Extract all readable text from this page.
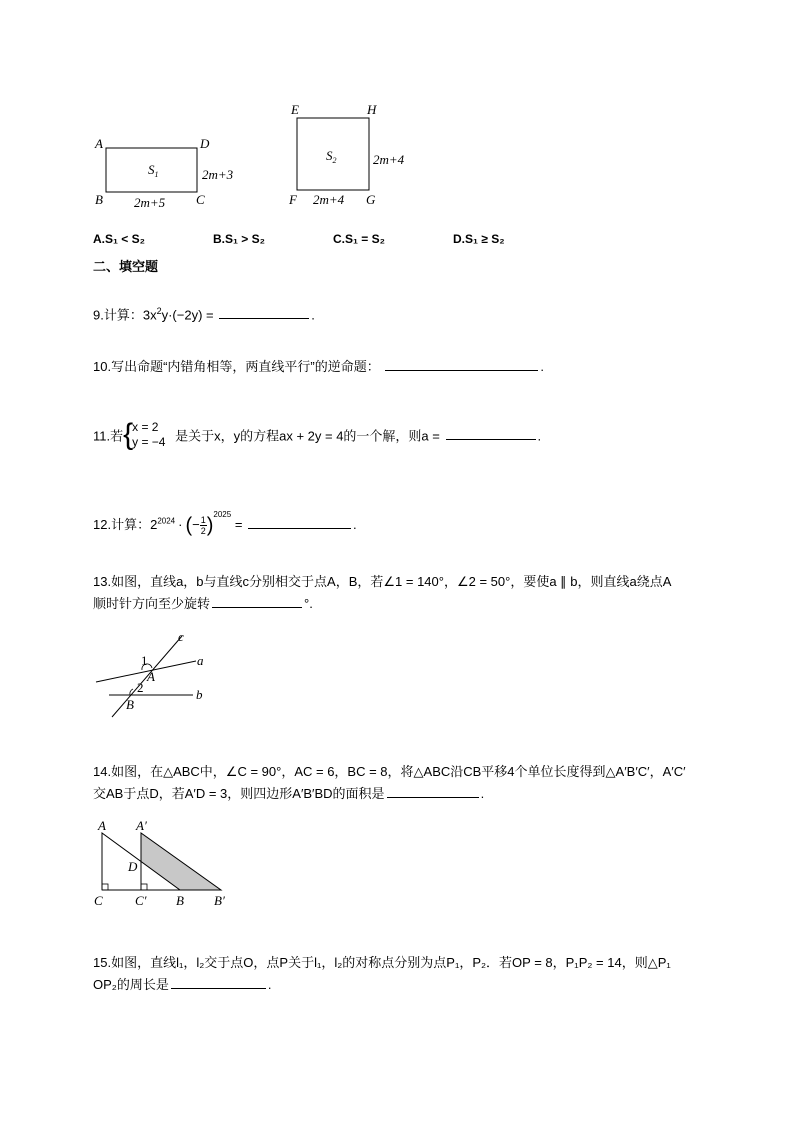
A	D
B	C
$S_1$	2m+3
2m+5
E	H
F	G
$S_2$	2m+4
2m+4
A.S₁ < S₂	B.S₁ > S₂	C.S₁ = S₂	D.S₁ ≥ S₂
二、填空题
9.计算：$3x^2y\cdot(-2y)$ =	.
10.写出命题“内错角相等，两直线平行”的逆命题：	.
11.若 {
x = 2
y = −4 是关于x，y的方程ax + 2y = 4的一个解，则a =	.
12.计算：$2^{2024}$ · (− $\frac{1}{2} )^{2025}$ =	.
13.如图，直线a，b与直线c分别相交于点A，B，若∠1 = 140°，∠2 = 50°，要使a ∥ b，则直线a绕点A
顺时针方向至少旋转	°.
c
a
b
1
2
A
B
14.如图，在△ABC中，∠C = 90°，AC = 6，BC = 8，将△ABC沿CB平移4个单位长度得到△A′B′C′，A′C′
交AB于点D，若A′D = 3，则四边形A′B′BD的面积是	.
A A′
D
C C′ B B′
15.如图，直线l₁，l₂交于点O，点P关于l₁，l₂的对称点分别为点P₁，P₂．若OP = 8，P₁P₂ = 14，则△P₁
OP₂的周长是	.
